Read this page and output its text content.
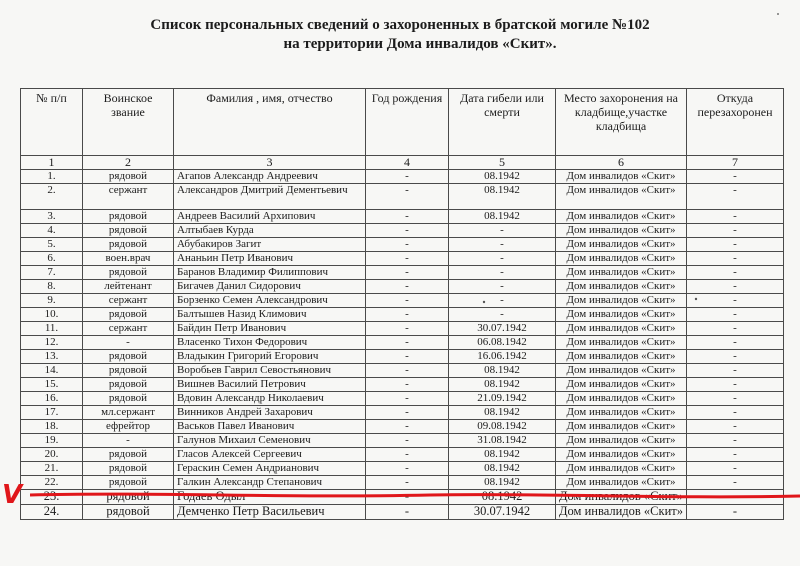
Список персональных сведений о захороненных в братской могиле №102
на территории Дома инвалидов «Скит».
№ п/п	Воинское звание	Фамилия , имя, отчество	Год рождения	Дата гибели или смерти	Место захоронения на кладбище,участке кладбища	Откуда перезахоронен
1	2	3	4	5	6	7
1.	рядовой	Агапов Александр Андреевич	-	08.1942	Дом инвалидов «Скит»	-
2.	сержант	Александров Дмитрий Дементьевич	-	08.1942	Дом инвалидов «Скит»	-
3.	рядовой	Андреев Василий Архипович	-	08.1942	Дом инвалидов «Скит»	-
4.	рядовой	Алтыбаев Курда	-	-	Дом инвалидов «Скит»	-
5.	рядовой	Абубакиров Загит	-	-	Дом инвалидов «Скит»	-
6.	воен.врач	Ананьин Петр Иванович	-	-	Дом инвалидов «Скит»	-
7.	рядовой	Баранов Владимир Филиппович	-	-	Дом инвалидов «Скит»	-
8.	лейтенант	Бигачев Данил Сидорович	-	-	Дом инвалидов «Скит»	-
9.	сержант	Борзенко Семен Александрович	-	-	Дом инвалидов «Скит»	-
10.	рядовой	Балтышев Назид Климович	-	-	Дом инвалидов «Скит»	-
11.	сержант	Байдин Петр Иванович	-	30.07.1942	Дом инвалидов «Скит»	-
12.	-	Власенко Тихон Федорович	-	06.08.1942	Дом инвалидов «Скит»	-
13.	рядовой	Владыкин Григорий Егорович	-	16.06.1942	Дом инвалидов «Скит»	-
14.	рядовой	Воробьев Гаврил Севостьянович	-	08.1942	Дом инвалидов «Скит»	-
15.	рядовой	Вишнев Василий Петрович	-	08.1942	Дом инвалидов «Скит»	-
16.	рядовой	Вдовин Александр Николаевич	-	21.09.1942	Дом инвалидов «Скит»	-
17.	мл.сержант	Винников Андрей Захарович	-	08.1942	Дом инвалидов «Скит»	-
18.	ефрейтор	Васьков Павел Иванович	-	09.08.1942	Дом инвалидов «Скит»	-
19.	-	Галунов Михаил Семенович	-	31.08.1942	Дом инвалидов «Скит»	-
20.	рядовой	Гласов Алексей Сергеевич	-	08.1942	Дом инвалидов «Скит»	-
21.	рядовой	Гераскин Семен Андрианович	-	08.1942	Дом инвалидов «Скит»	-
22.	рядовой	Галкин Александр Степанович	-	08.1942	Дом инвалидов «Скит»	-
23.	рядовой	Годаев Одыл	-	08.1942	Дом инвалидов «Скит»	-
24.	рядовой	Демченко Петр Васильевич	-	30.07.1942	Дом инвалидов «Скит»	-
V
